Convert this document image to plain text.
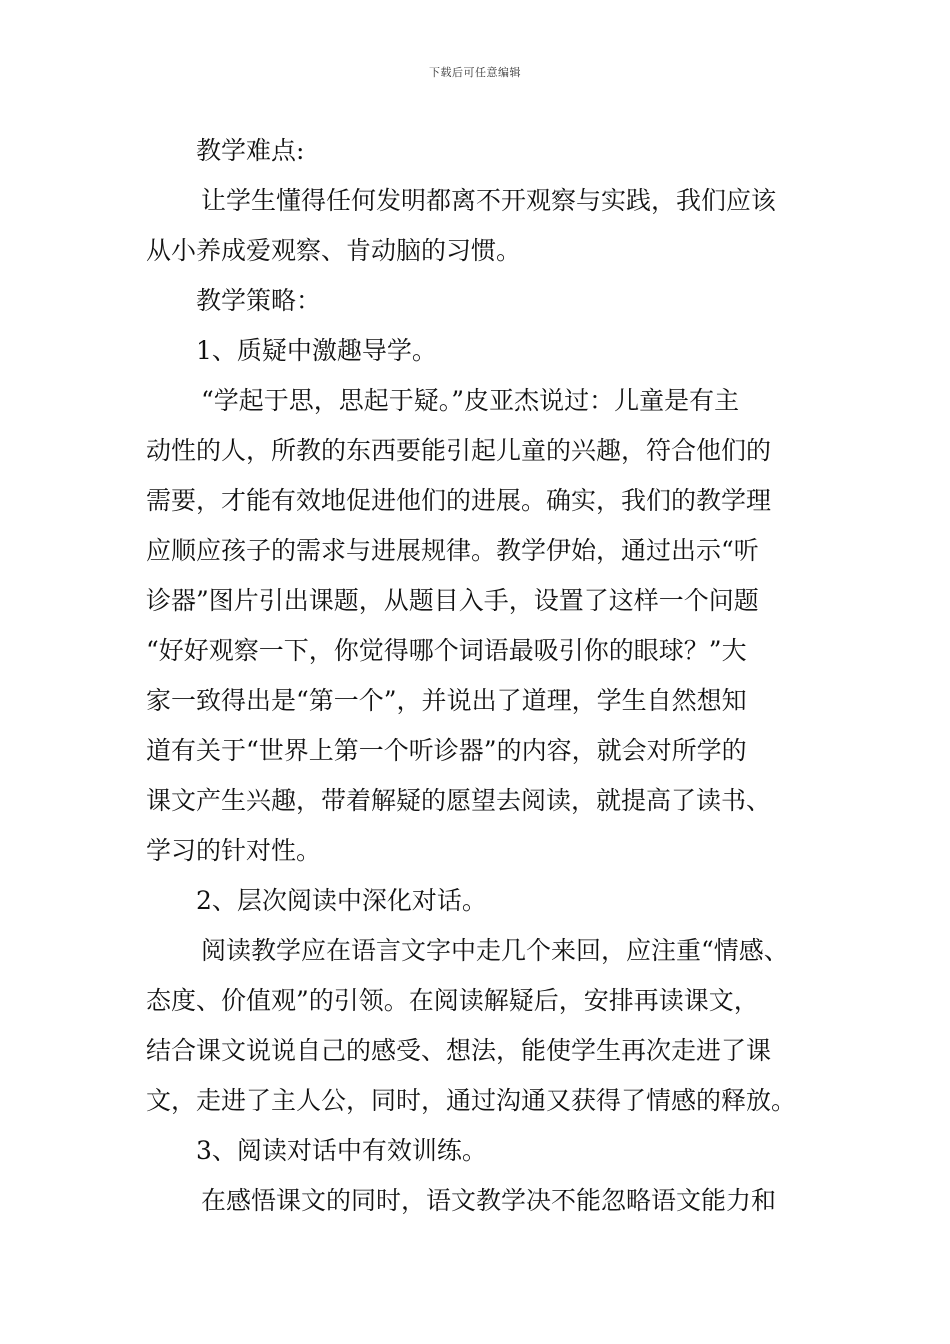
下载后可任意编辑

教学难点:

让学生懂得任何发明都离不开观察与实践，我们应该

从小养成爱观察、肯动脑的习惯。

教学策略：

1、质疑中激趣导学。

“学起于思，思起于疑。”皮亚杰说过：儿童是有主

动性的人，所教的东西要能引起儿童的兴趣，符合他们的

需要，才能有效地促进他们的进展。确实，我们的教学理

应顺应孩子的需求与进展规律。教学伊始，通过出示“听

诊器”图片引出课题，从题目入手，设置了这样一个问题

“好好观察一下，你觉得哪个词语最吸引你的眼球？”大

家一致得出是“第一个”，并说出了道理，学生自然想知

道有关于“世界上第一个听诊器”的内容，就会对所学的

课文产生兴趣，带着解疑的愿望去阅读，就提高了读书、

学习的针对性。

2、层次阅读中深化对话。

阅读教学应在语言文字中走几个来回，应注重“情感、

态度、价值观”的引领。在阅读解疑后，安排再读课文，

结合课文说说自己的感受、想法，能使学生再次走进了课

文，走进了主人公，同时，通过沟通又获得了情感的释放。

3、阅读对话中有效训练。

在感悟课文的同时，语文教学决不能忽略语文能力和
